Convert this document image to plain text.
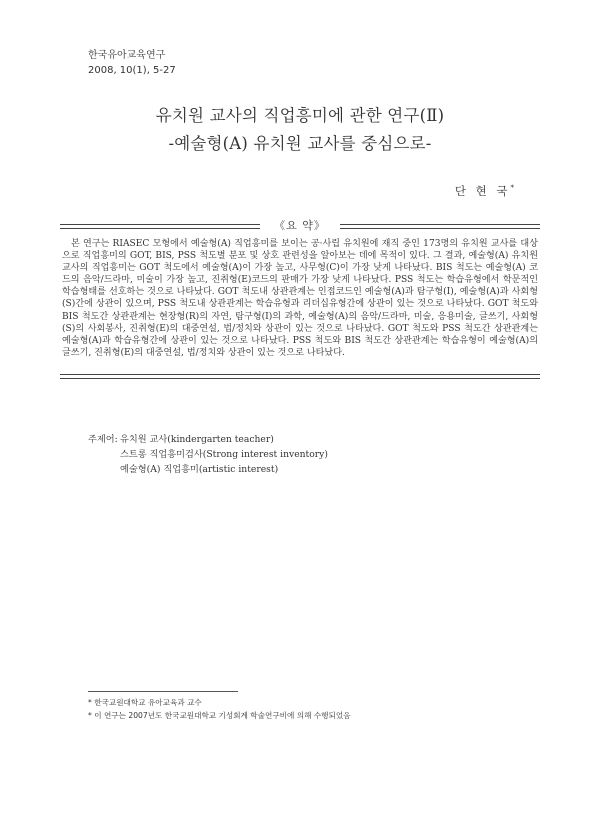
한국유아교육연구
2008, 10(1), 5-27
유치원 교사의 직업흥미에 관한 연구(Ⅱ)
-예술형(A) 유치원 교사를 중심으로-
단 현 국*
《요 약》

본 연구는 RIASEC 모형에서 예술형(A) 직업흥미를 보이는 공·사립 유치원에 재직 중인 173명의 유치원 교사를 대상으로 직업흥미의 GOT, BIS, PSS 척도별 분포 및 상호 관련성을 알아보는 데에 목적이 있다. 그 결과, 예술형(A) 유치원 교사의 직업흥미는 GOT 척도에서 예술형(A)이 가장 높고, 사무형(C)이 가장 낮게 나타났다. BIS 척도는 예술형(A) 코드의 음악/드라마, 미술이 가장 높고, 진취형(E)코드의 판매가 가장 낮게 나타났다. PSS 척도는 학습유형에서 학문적인 학습형태를 선호하는 것으로 나타났다. GOT 척도내 상관관계는 인접코드인 예술형(A)과 탐구형(I), 예술형(A)과 사회형(S)간에 상관이 있으며, PSS 척도내 상관관계는 학습유형과 리더십유형간에 상관이 있는 것으로 나타났다. GOT 척도와 BIS 척도간 상관관계는 현장형(R)의 자연, 탐구형(I)의 과학, 예술형(A)의 음악/드라마, 미술, 응용미술, 글쓰기, 사회형(S)의 사회봉사, 진취형(E)의 대중연설, 법/정치와 상관이 있는 것으로 나타났다. GOT 척도와 PSS 척도간 상관관계는 예술형(A)과 학습유형간에 상관이 있는 것으로 나타났다. PSS 척도와 BIS 척도간 상관관계는 학습유형이 예술형(A)의 글쓰기, 진취형(E)의 대중연설, 법/정치와 상관이 있는 것으로 나타났다.

주제어: 유치원 교사(kindergarten teacher)
스트롱 직업흥미검사(Strong interest inventory)
예술형(A) 직업흥미(artistic interest)
* 한국교원대학교 유아교육과 교수
* 이 연구는 2007년도 한국교원대학교 기성회계 학술연구비에 의해 수행되었음
